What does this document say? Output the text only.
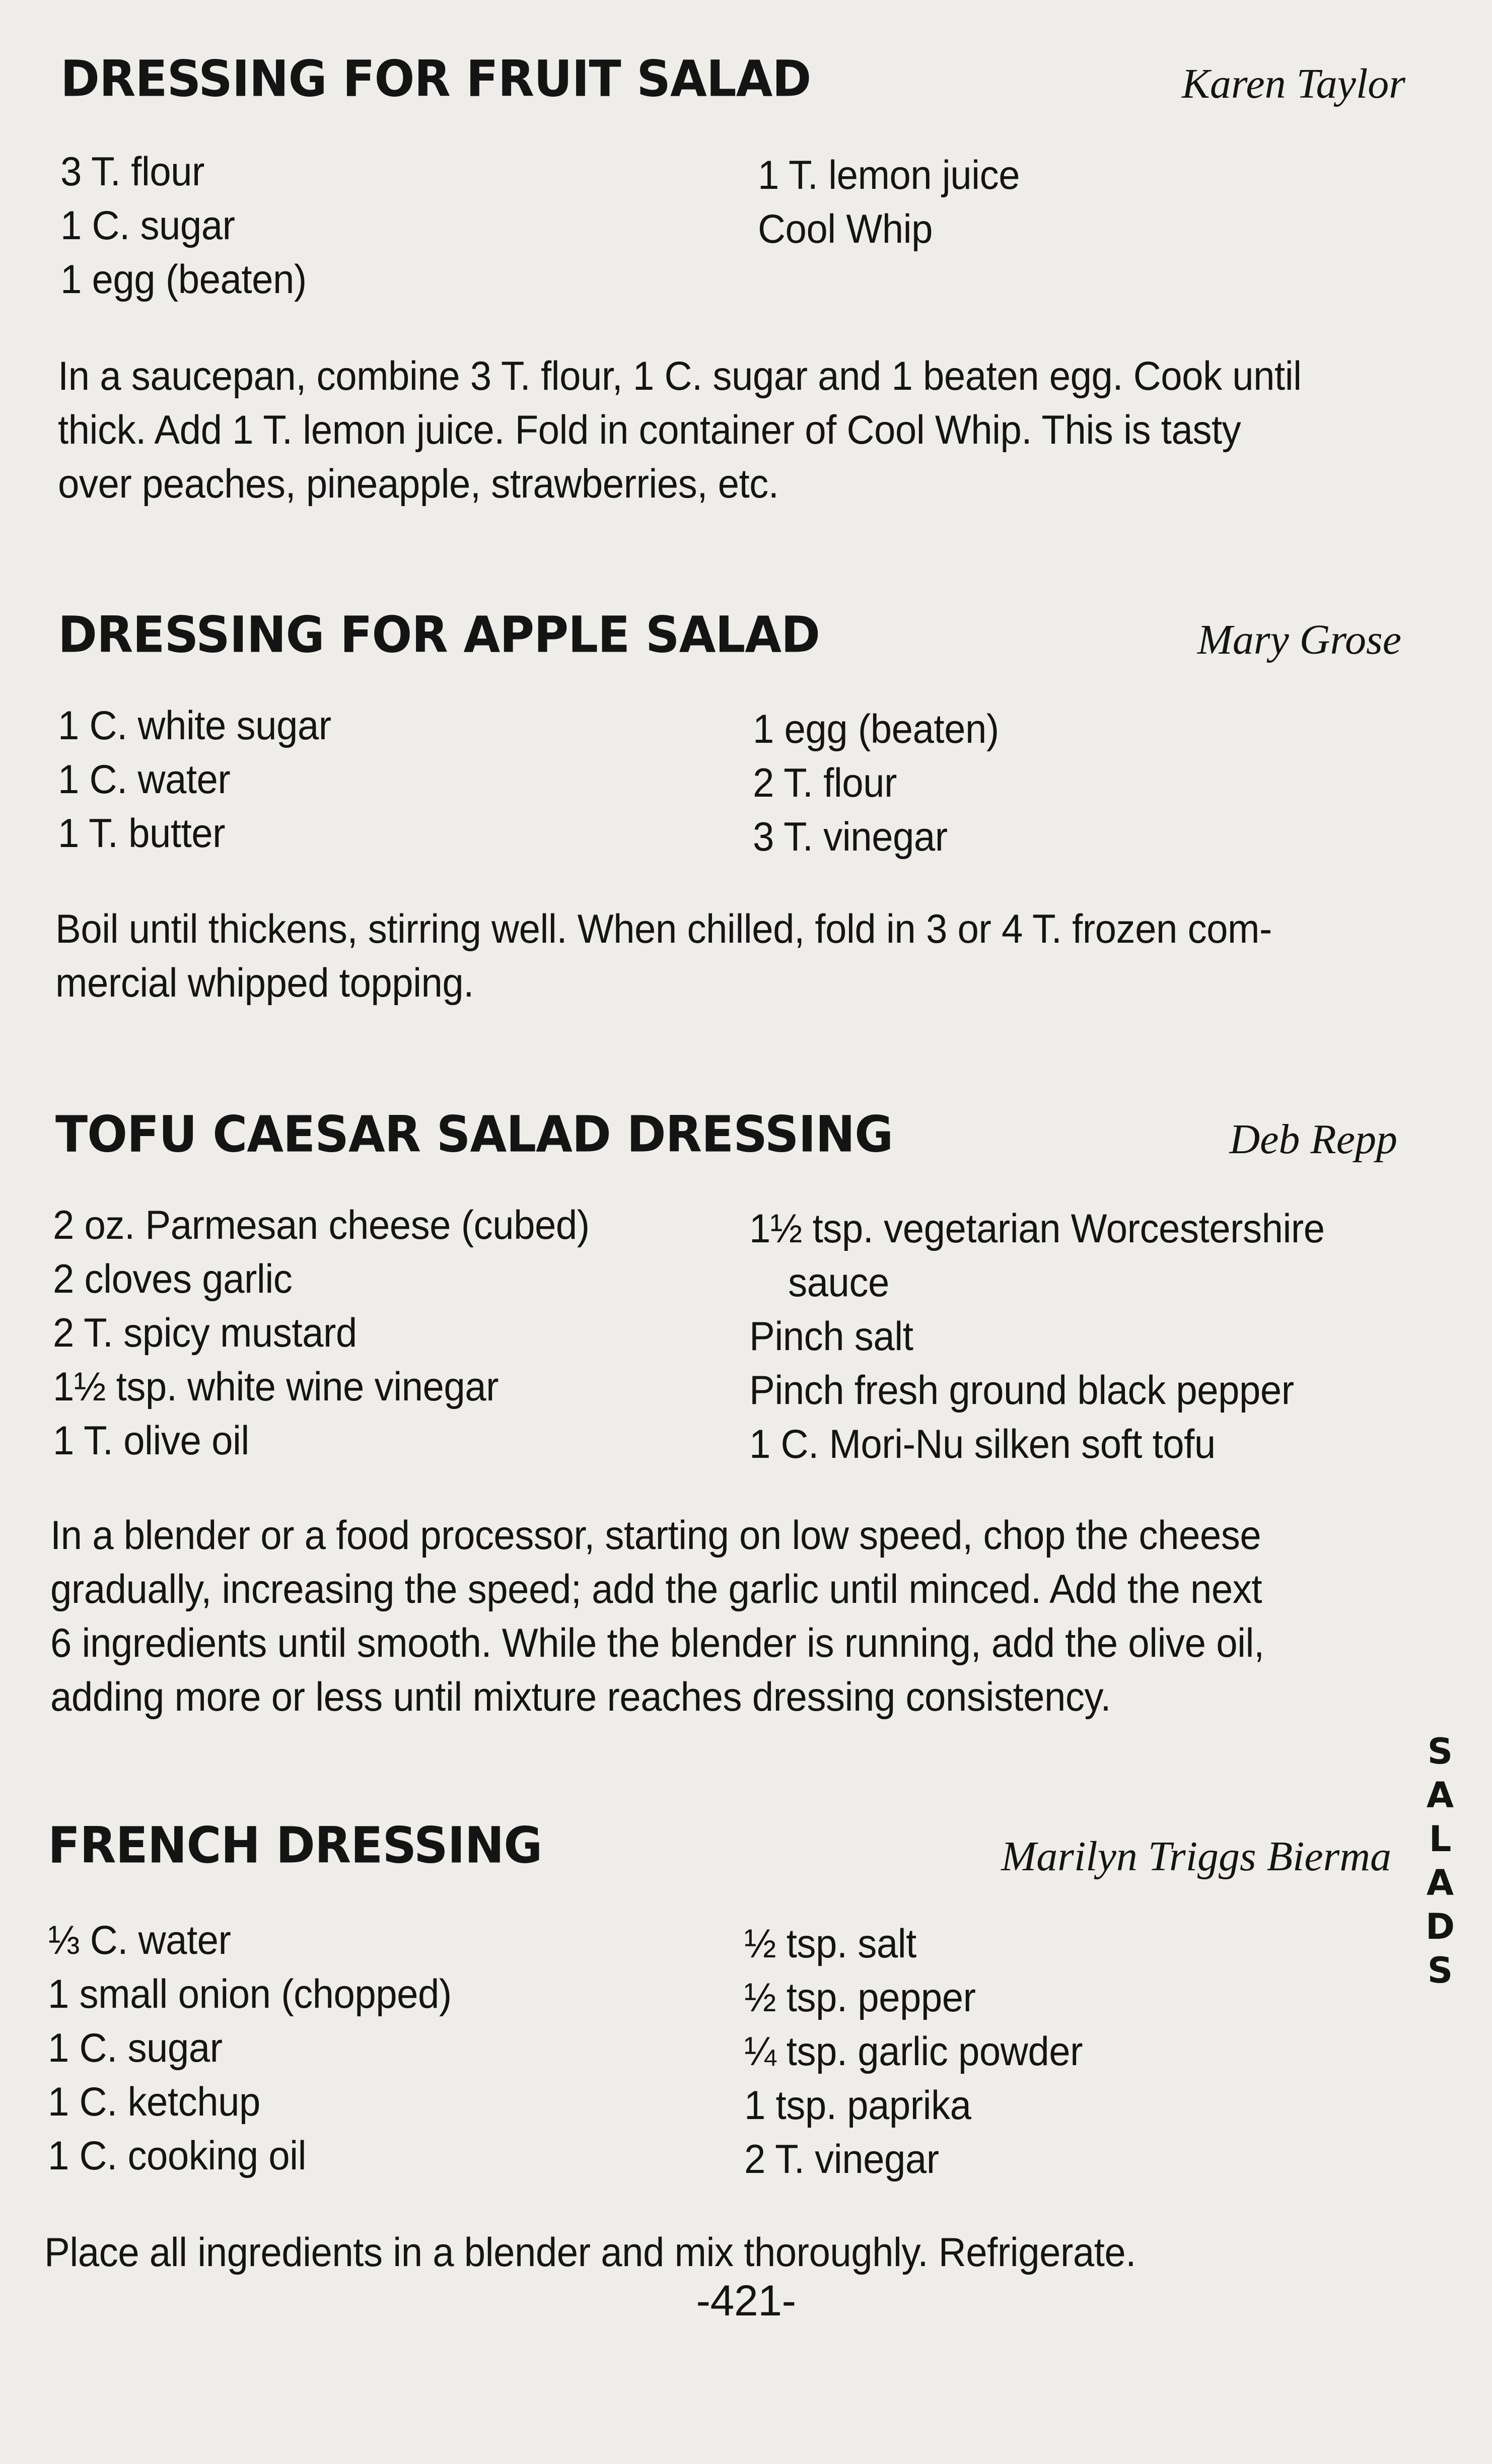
DRESSING FOR FRUIT SALAD	Karen Taylor
3 T. flour
1 C. sugar
1 egg (beaten)
1 T. lemon juice
Cool Whip
In a saucepan, combine 3 T. flour, 1 C. sugar and 1 beaten egg. Cook until
thick. Add 1 T. lemon juice. Fold in container of Cool Whip. This is tasty
over peaches, pineapple, strawberries, etc.
DRESSING FOR APPLE SALAD	Mary Grose
1 C. white sugar
1 C. water
1 T. butter
1 egg (beaten)
2 T. flour
3 T. vinegar
Boil until thickens, stirring well. When chilled, fold in 3 or 4 T. frozen com-
mercial whipped topping.
TOFU CAESAR SALAD DRESSING	Deb Repp
2 oz. Parmesan cheese (cubed)
2 cloves garlic
2 T. spicy mustard
1½ tsp. white wine vinegar
1 T. olive oil
1½ tsp. vegetarian Worcestershire
sauce
Pinch salt
Pinch fresh ground black pepper
1 C. Mori-Nu silken soft tofu
In a blender or a food processor, starting on low speed, chop the cheese
gradually, increasing the speed; add the garlic until minced. Add the next
6 ingredients until smooth. While the blender is running, add the olive oil,
adding more or less until mixture reaches dressing consistency.
FRENCH DRESSING	Marilyn Triggs Bierma
⅓ C. water
1 small onion (chopped)
1 C. sugar
1 C. ketchup
1 C. cooking oil
½ tsp. salt
½ tsp. pepper
¼ tsp. garlic powder
1 tsp. paprika
2 T. vinegar
Place all ingredients in a blender and mix thoroughly. Refrigerate.
S
A
L
A
D
S
-421-
